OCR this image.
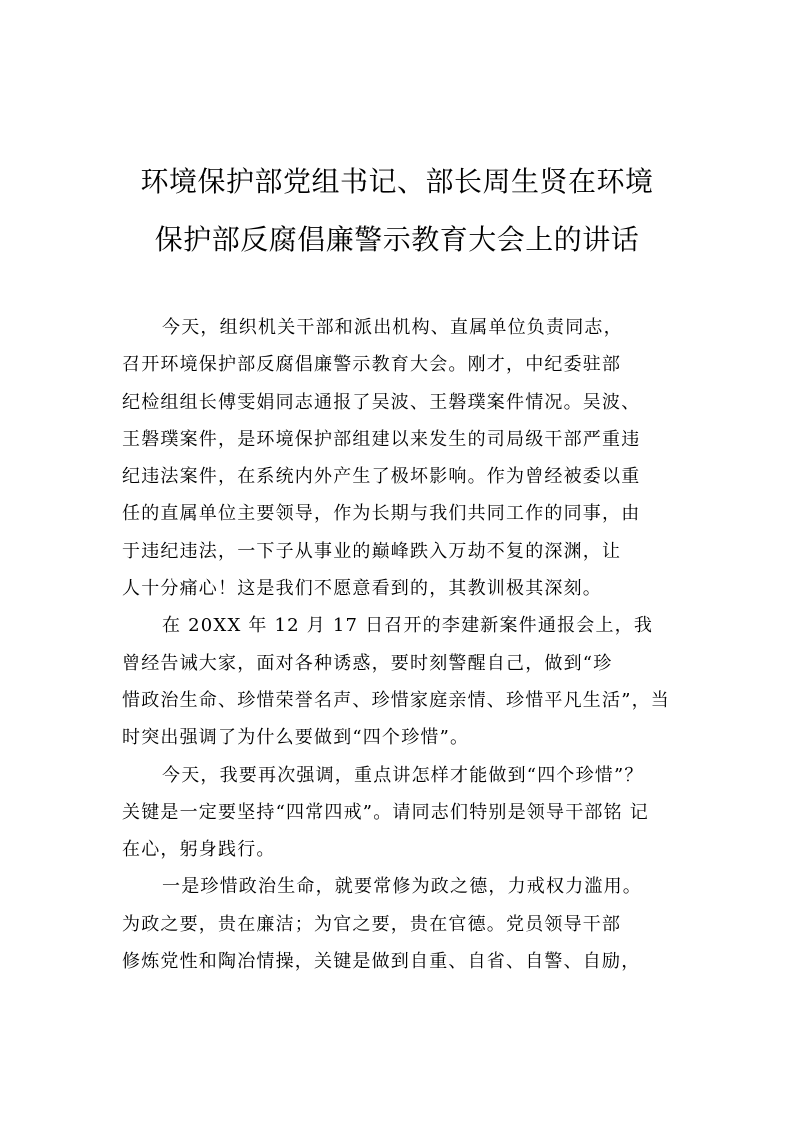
环境保护部党组书记、部长周生贤在环境
保护部反腐倡廉警示教育大会上的讲话
今天，组织机关干部和派出机构、直属单位负责同志，
召开环境保护部反腐倡廉警示教育大会。刚才，中纪委驻部
纪检组组长傅雯娟同志通报了吴波、王磐璞案件情况。吴波、
王磐璞案件，是环境保护部组建以来发生的司局级干部严重违
纪违法案件，在系统内外产生了极坏影响。作为曾经被委以重
任的直属单位主要领导，作为长期与我们共同工作的同事，由
于违纪违法，一下子从事业的巅峰跌入万劫不复的深渊，让
人十分痛心！这是我们不愿意看到的，其教训极其深刻。
在 20XX 年 12 月 17 日召开的李建新案件通报会上，我
曾经告诫大家，面对各种诱惑，要时刻警醒自己，做到“珍
惜政治生命、珍惜荣誉名声、珍惜家庭亲情、珍惜平凡生活”，当
时突出强调了为什么要做到“四个珍惜”。
今天，我要再次强调，重点讲怎样才能做到“四个珍惜”？
关键是一定要坚持“四常四戒”。请同志们特别是领导干部铭 记
在心，躬身践行。
一是珍惜政治生命，就要常修为政之德，力戒权力滥用。
为政之要，贵在廉洁；为官之要，贵在官德。党员领导干部
修炼党性和陶冶情操，关键是做到自重、自省、自警、自励，
